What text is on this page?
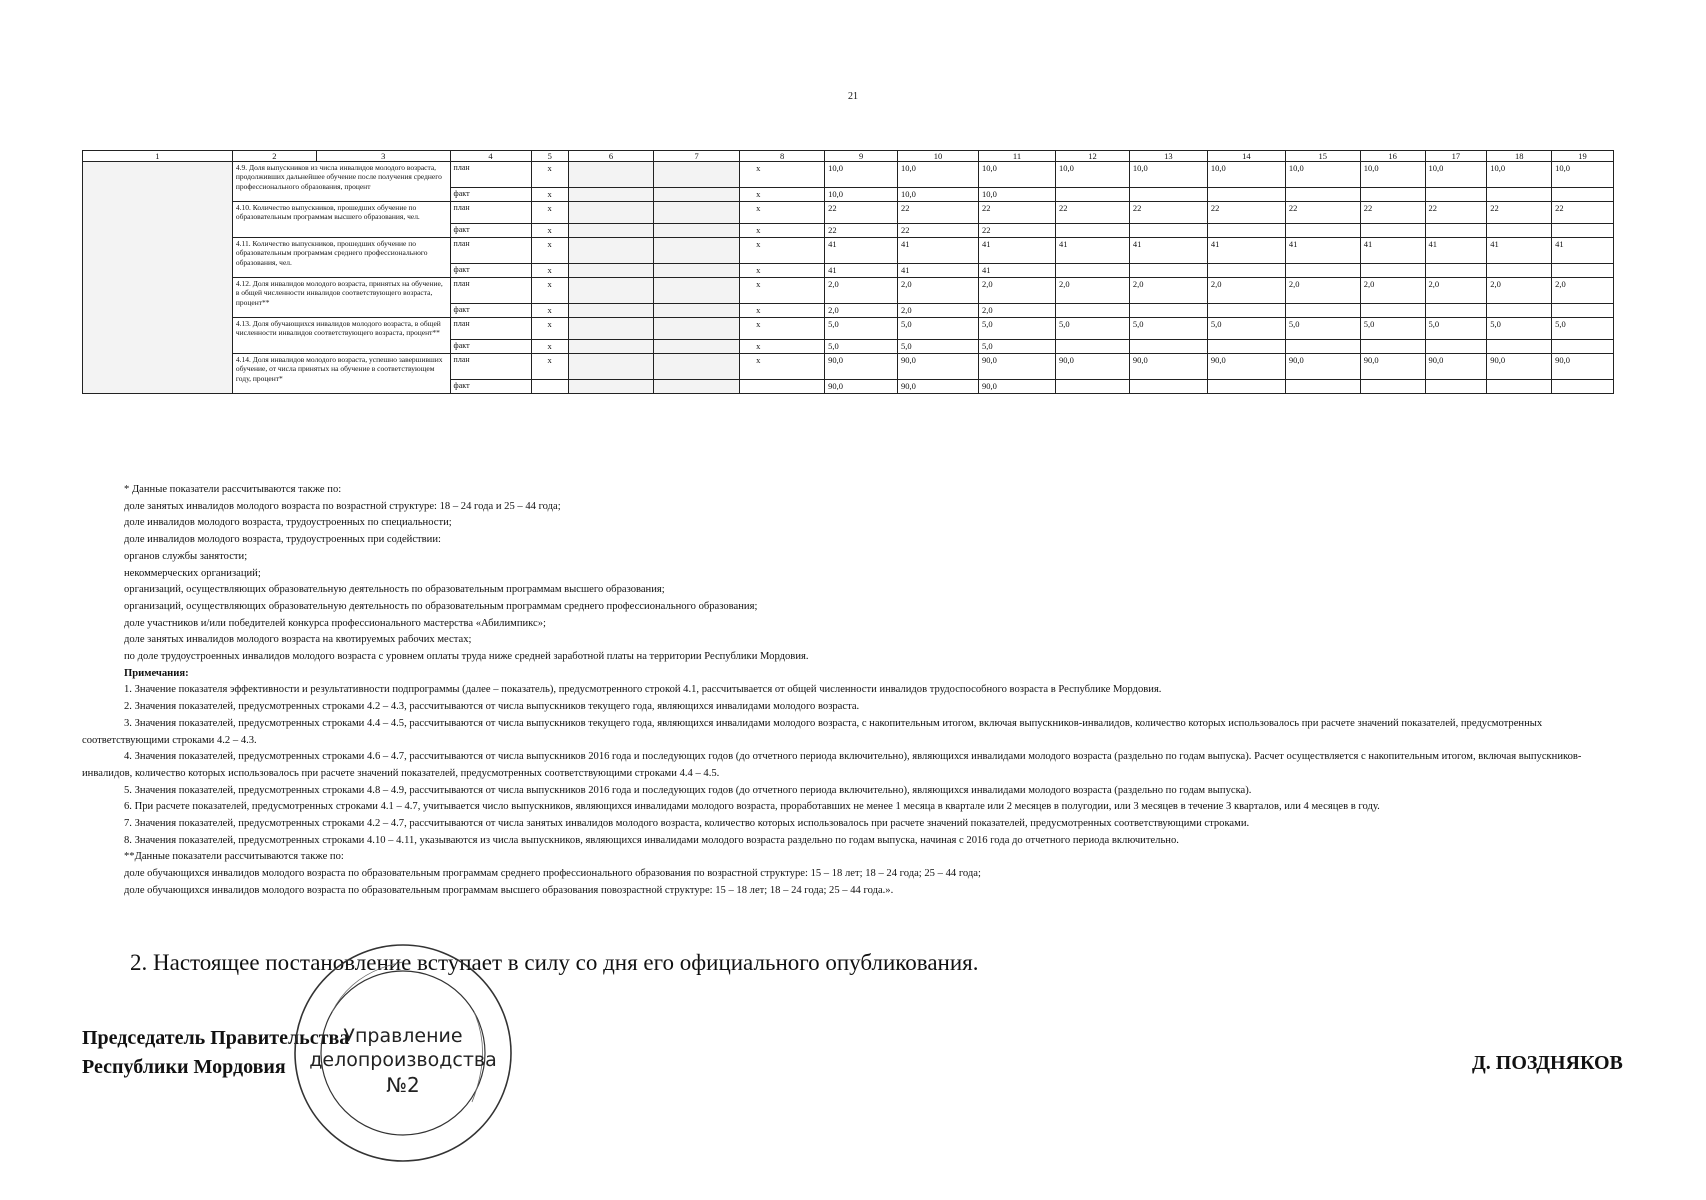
21
1	2	3	4	5	6	7	8	9	10	11	12	13	14	15	16	17	18	19
	4.9. Доля выпускников из числа инвалидов молодого возраста, продолживших дальнейшее обучение после получения среднего профессионального образования, процент		план	x			x	10,0	10,0	10,0	10,0	10,0	10,0	10,0	10,0	10,0	10,0	10,0
			факт	x			x	10,0	10,0	10,0								
	4.10. Количество выпускников, прошедших обучение по образовательным программам высшего образования, чел.		план	x			x	22	22	22	22	22	22	22	22	22	22	22
			факт	x			x	22	22	22								
	4.11. Количество выпускников, прошедших обучение по образовательным программам среднего профессионального образования, чел.		план	x			x	41	41	41	41	41	41	41	41	41	41	41
			факт	x			x	41	41	41								
	4.12. Доля инвалидов молодого возраста, принятых на обучение, в общей численности инвалидов соответствующего возраста, процент**		план	x			x	2,0	2,0	2,0	2,0	2,0	2,0	2,0	2,0	2,0	2,0	2,0
			факт	x			x	2,0	2,0	2,0								
	4.13. Доля обучающихся инвалидов молодого возраста, в общей численности инвалидов соответствующего возраста, процент**		план	x			x	5,0	5,0	5,0	5,0	5,0	5,0	5,0	5,0	5,0	5,0	5,0
			факт	x			x	5,0	5,0	5,0								
	4.14. Доля инвалидов молодого возраста, успешно завершивших обучение, от числа принятых на обучение в соответствующем году, процент*		план	x			x	90,0	90,0	90,0	90,0	90,0	90,0	90,0	90,0	90,0	90,0	90,0
			факт					90,0	90,0	90,0								

* Данные показатели рассчитываются также по:

доле занятых инвалидов молодого возраста по возрастной структуре: 18 – 24 года и 25 – 44 года;

доле инвалидов молодого возраста, трудоустроенных по специальности;

доле инвалидов молодого возраста, трудоустроенных при содействии:

органов службы занятости;

некоммерческих организаций;

организаций, осуществляющих образовательную деятельность по образовательным программам высшего образования;

организаций, осуществляющих образовательную деятельность по образовательным программам среднего профессионального образования;

доле участников и/или победителей конкурса профессионального мастерства «Абилимпикс»;

доле занятых инвалидов молодого возраста на квотируемых рабочих местах;

по доле трудоустроенных инвалидов молодого возраста с уровнем оплаты труда ниже средней заработной платы на территории Республики Мордовия.

Примечания:

1. Значение показателя эффективности и результативности подпрограммы (далее – показатель), предусмотренного строкой 4.1, рассчитывается от общей численности инвалидов трудоспособного возраста в Республике Мордовия.

2. Значения показателей, предусмотренных строками 4.2 – 4.3, рассчитываются от числа выпускников текущего года, являющихся инвалидами молодого возраста.

3. Значения показателей, предусмотренных строками 4.4 – 4.5, рассчитываются от числа выпускников текущего года, являющихся инвалидами молодого возраста, с накопительным итогом, включая выпускников-инвалидов, количество которых использовалось при расчете значений показателей, предусмотренных соответствующими строками 4.2 – 4.3.

4. Значения показателей, предусмотренных строками 4.6 – 4.7, рассчитываются от числа выпускников 2016 года и последующих годов (до отчетного периода включительно), являющихся инвалидами молодого возраста (раздельно по годам выпуска). Расчет осуществляется с накопительным итогом, включая выпускников-инвалидов, количество которых использовалось при расчете значений показателей, предусмотренных соответствующими строками 4.4 – 4.5.

5. Значения показателей, предусмотренных строками 4.8 – 4.9, рассчитываются от числа выпускников 2016 года и последующих годов (до отчетного периода включительно), являющихся инвалидами молодого возраста (раздельно по годам выпуска).

6. При расчете показателей, предусмотренных строками 4.1 – 4.7, учитывается число выпускников, являющихся инвалидами молодого возраста, проработавших не менее 1 месяца в квартале или 2 месяцев в полугодии, или 3 месяцев в течение 3 кварталов, или 4 месяцев в году.

7. Значения показателей, предусмотренных строками 4.2 – 4.7, рассчитываются от числа занятых инвалидов молодого возраста, количество которых использовалось при расчете значений показателей, предусмотренных соответствующими строками.

8. Значения показателей, предусмотренных строками 4.10 – 4.11, указываются из числа выпускников, являющихся инвалидами молодого возраста раздельно по годам выпуска, начиная с 2016 года до отчетного периода включительно.

**Данные показатели рассчитываются также по:

доле обучающихся инвалидов молодого возраста по образовательным программам среднего профессионального образования по возрастной структуре: 15 – 18 лет; 18 – 24 года; 25 – 44 года;

доле обучающихся инвалидов молодого возраста по образовательным программам высшего образования повозрастной структуре: 15 – 18 лет; 18 – 24 года; 25 – 44 года.».

2. Настоящее постановление вступает в силу со дня его официального опубликования.
Председатель Правительства
Республики Мордовия	Д. ПОЗДНЯКОВ
Управление
делопроизводства
№2
